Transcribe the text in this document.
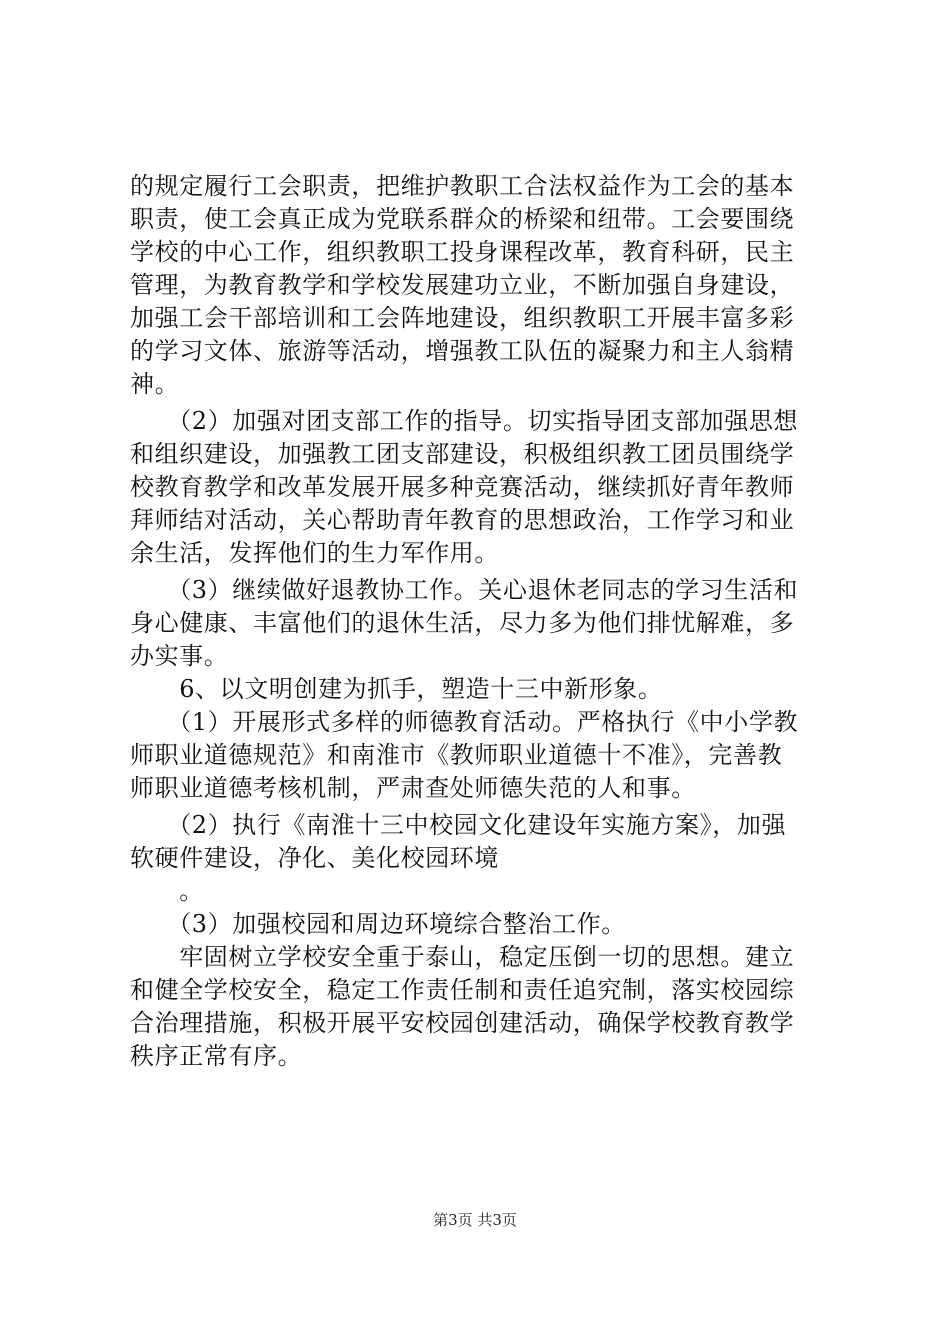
的规定履行工会职责，把维护教职工合法权益作为工会的基本
职责，使工会真正成为党联系群众的桥梁和纽带。工会要围绕
学校的中心工作，组织教职工投身课程改革，教育科研，民主
管理，为教育教学和学校发展建功立业，不断加强自身建设，
加强工会干部培训和工会阵地建设，组织教职工开展丰富多彩
的学习文体、旅游等活动，增强教工队伍的凝聚力和主人翁精
神。
　　（2）加强对团支部工作的指导。切实指导团支部加强思想
和组织建设，加强教工团支部建设，积极组织教工团员围绕学
校教育教学和改革发展开展多种竞赛活动，继续抓好青年教师
拜师结对活动，关心帮助青年教育的思想政治，工作学习和业
余生活，发挥他们的生力军作用。
　　（3）继续做好退教协工作。关心退休老同志的学习生活和
身心健康、丰富他们的退休生活，尽力多为他们排忧解难，多
办实事。
　　6、以文明创建为抓手，塑造十三中新形象。
　　（1）开展形式多样的师德教育活动。严格执行《中小学教
师职业道德规范》和南淮市《教师职业道德十不准》，完善教
师职业道德考核机制，严肃查处师德失范的人和事。
　　（2）执行《南淮十三中校园文化建设年实施方案》，加强
软硬件建设，净化、美化校园环境
　　。
　　（3）加强校园和周边环境综合整治工作。
　　牢固树立学校安全重于泰山，稳定压倒一切的思想。建立
和健全学校安全，稳定工作责任制和责任追究制，落实校园综
合治理措施，积极开展平安校园创建活动，确保学校教育教学
秩序正常有序。
第3页 共3页
